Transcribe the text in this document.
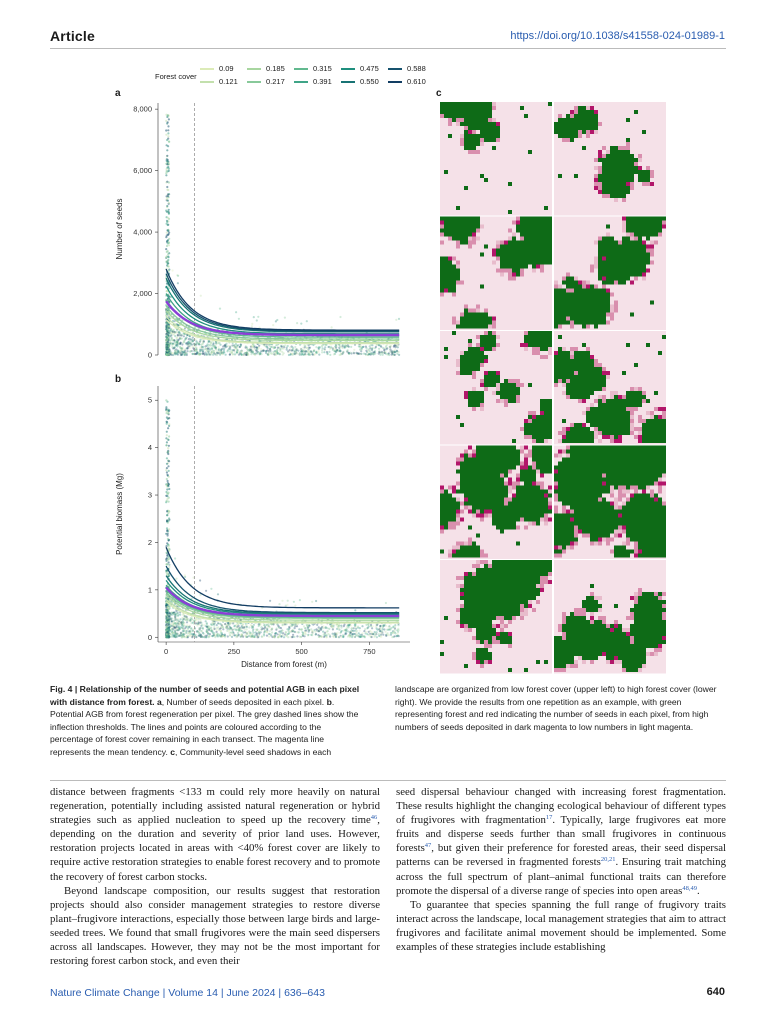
Article	https://doi.org/10.1038/s41558-024-01989-1
Forest cover
0.09	0.185	0.315	0.475	0.588
0.121	0.217	0.391	0.550	0.610
a
b
c
0
2,000
4,000
6,000
8,000
Number of seeds
0
1
2
3
4
5
Potential biomass (Mg)
0	250	500	750
Distance from forest (m)
Fig. 4 | Relationship of the number of seeds and potential AGB in each pixel with distance from forest. a, Number of seeds deposited in each pixel. b. Potential AGB from forest regeneration per pixel. The grey dashed lines show the inflection thresholds. The lines and points are coloured according to the percentage of forest cover remaining in each transect. The magenta line represents the mean tendency. c, Community-level seed shadows in each
landscape are organized from low forest cover (upper left) to high forest cover (lower right). We provide the results from one repetition as an example, with green representing forest and red indicating the number of seeds in each pixel, from high numbers of seeds deposited in dark magenta to low numbers in light magenta.

distance between fragments <133 m could rely more heavily on natural regeneration, potentially including assisted natural regeneration or hybrid strategies such as applied nucleation to speed up the recovery time$^{46}$, depending on the duration and severity of prior land uses. However, restoration projects located in areas with <40% forest cover are likely to require active restoration strategies to enable forest recovery and to promote the recovery of forest carbon stocks.

Beyond landscape composition, our results suggest that restoration projects should also consider management strategies to restore diverse plant–frugivore interactions, especially those between large birds and large-seeded trees. We found that small frugivores were the main seed dispersers across all landscapes. However, they may not be the most important for restoring forest carbon stock, and even their

seed dispersal behaviour changed with increasing forest fragmentation. These results highlight the changing ecological behaviour of different types of frugivores with fragmentation$^{17}$. Typically, large frugivores eat more fruits and disperse seeds further than small frugivores in continuous forests$^{47}$, but given their preference for forested areas, their seed dispersal patterns can be reversed in fragmented forests$^{20,21}$. Ensuring trait matching across the full spectrum of plant–animal functional traits can therefore promote the dispersal of a diverse range of species into open areas$^{48,49}$.

To guarantee that species spanning the full range of frugivory traits interact across the landscape, local management strategies that aim to attract frugivores and facilitate animal movement should be implemented. Some examples of these strategies include establishing

Nature Climate Change | Volume 14 | June 2024 | 636–643	640
